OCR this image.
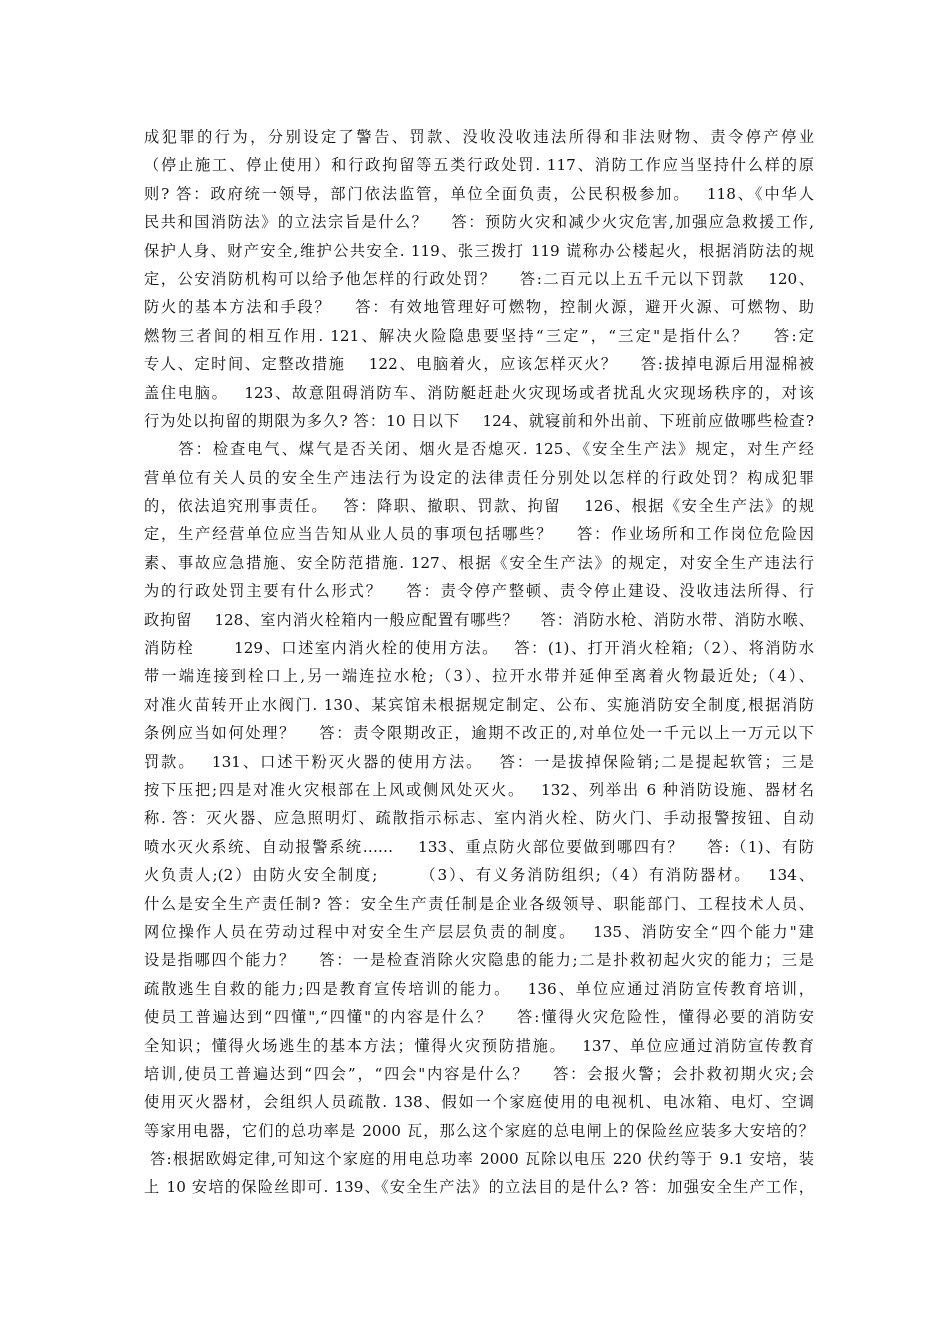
成犯罪的行为，分别设定了警告、罚款、没收没收违法所得和非法财物、责令停产停业
（停止施工、停止使用）和行政拘留等五类行政处罚. 117、消防工作应当坚持什么样的原
则? 答：政府统一领导，部门依法监管，单位全面负责，公民积极参加。　 118、《中华人
民共和国消防法》的立法宗旨是什么？　 答：预防火灾和减少火灾危害,加强应急救援工作,
保护人身、财产安全,维护公共安全. 119、张三拨打 119 谎称办公楼起火，根据消防法的规
定，公安消防机构可以给予他怎样的行政处罚？　 答:二百元以上五千元以下罚款　 120、
防火的基本方法和手段？　 答：有效地管理好可燃物，控制火源，避开火源、可燃物、助
燃物三者间的相互作用. 121、解决火险隐患要坚持“三定”，“三定"是指什么？　 答:定
专人、定时间、定整改措施　 122、电脑着火，应该怎样灭火？　 答:拔掉电源后用湿棉被
盖住电脑。　 123、故意阻碍消防车、消防艇赶赴火灾现场或者扰乱火灾现场秩序的，对该
行为处以拘留的期限为多久? 答：10 日以下　 124、就寝前和外出前、下班前应做哪些检查?
　　答：检查电气、煤气是否关闭、烟火是否熄灭. 125、《安全生产法》规定，对生产经
营单位有关人员的安全生产违法行为设定的法律责任分别处以怎样的行政处罚？构成犯罪
的，依法追究刑事责任。　 答：降职、撤职、罚款、拘留　 126、根据《安全生产法》的规
定，生产经营单位应当告知从业人员的事项包括哪些？　 答：作业场所和工作岗位危险因
素、事故应急措施、安全防范措施. 127、根据《安全生产法》的规定，对安全生产违法行
为的行政处罚主要有什么形式？　 答：责令停产整顿、责令停止建设、没收违法所得、行
政拘留　 128、室内消火栓箱内一般应配置有哪些？　 答：消防水枪、消防水带、消防水喉、
消防栓　　 129、口述室内消火栓的使用方法。　 答：(1)、打开消火栓箱;（2）、将消防水
带一端连接到栓口上,另一端连拉水枪;（3）、拉开水带并延伸至离着火物最近处;（4）、
对准火苗转开止水阀门. 130、某宾馆未根据规定制定、公布、实施消防安全制度,根据消防
条例应当如何处理？　 答：责令限期改正，逾期不改正的,对单位处一千元以上一万元以下
罚款。　 131、口述干粉灭火器的使用方法。　 答：一是拔掉保险销;二是提起软管；三是
按下压把;四是对准火灾根部在上风或侧风处灭火。　 132、列举出 6 种消防设施、器材名
称. 答：灭火器、应急照明灯、疏散指示标志、室内消火栓、防火门、手动报警按钮、自动
喷水灭火系统、自动报警系统……　 133、重点防火部位要做到哪四有？　 答:（1)、有防
火负责人;(2）由防火安全制度;　　 （3）、有义务消防组织;（4）有消防器材。　 134、
什么是安全生产责任制? 答：安全生产责任制是企业各级领导、职能部门、工程技术人员、
网位操作人员在劳动过程中对安全生产层层负责的制度。　 135、消防安全“四个能力"建
设是指哪四个能力？　 答：一是检查消除火灾隐患的能力;二是扑救初起火灾的能力；三是
疏散逃生自救的能力;四是教育宣传培训的能力。　 136、单位应通过消防宣传教育培训，
使员工普遍达到“四懂",“四懂"的内容是什么？　 答:懂得火灾危险性，懂得必要的消防安
全知识；懂得火场逃生的基本方法；懂得火灾预防措施。　 137、单位应通过消防宣传教育
培训,使员工普遍达到“四会”，“四会"内容是什么？　 答：会报火警；会扑救初期火灾;会
使用灭火器材，会组织人员疏散. 138、假如一个家庭使用的电视机、电冰箱、电灯、空调
等家用电器，它们的总功率是 2000 瓦，那么这个家庭的总电闸上的保险丝应装多大安培的？
答:根据欧姆定律,可知这个家庭的用电总功率 2000 瓦除以电压 220 伏约等于 9.1 安培，装
上 10 安培的保险丝即可. 139、《安全生产法》的立法目的是什么? 答：加强安全生产工作，
